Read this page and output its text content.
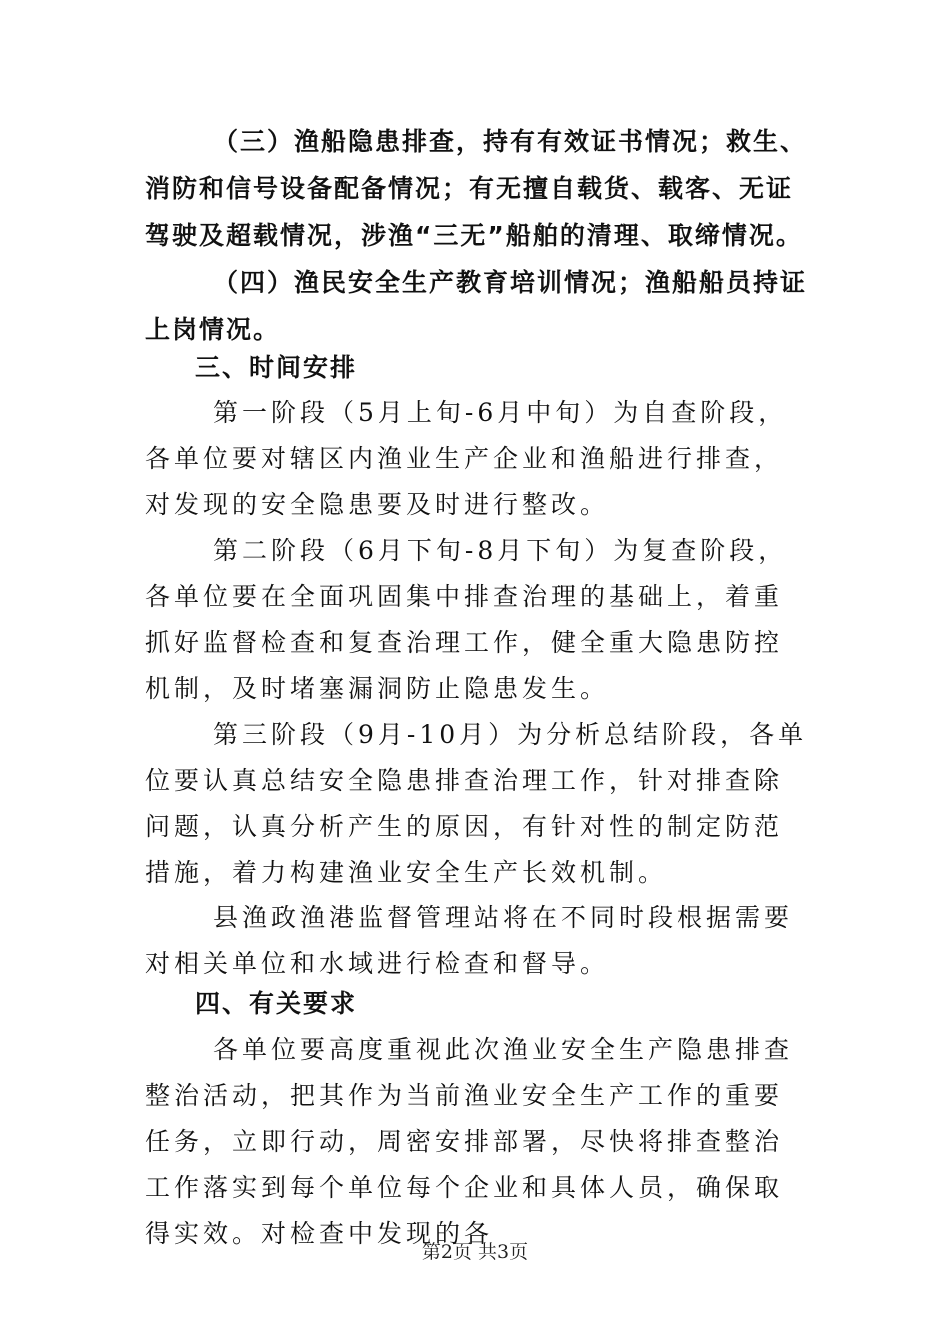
（三）渔船隐患排查，持有有效证书情况；救生、消防和信号设备配备情况；有无擅自载货、载客、无证驾驶及超载情况，涉渔“三无”船舶的清理、取缔情况。

（四）渔民安全生产教育培训情况；渔船船员持证上岗情况。

三、时间安排

第一阶段（5月上旬-6月中旬）为自查阶段，各单位要对辖区内渔业生产企业和渔船进行排查，对发现的安全隐患要及时进行整改。

第二阶段（6月下旬-8月下旬）为复查阶段，各单位要在全面巩固集中排查治理的基础上，着重抓好监督检查和复查治理工作，健全重大隐患防控机制，及时堵塞漏洞防止隐患发生。

第三阶段（9月-10月）为分析总结阶段，各单位要认真总结安全隐患排查治理工作，针对排查除问题，认真分析产生的原因，有针对性的制定防范措施，着力构建渔业安全生产长效机制。

县渔政渔港监督管理站将在不同时段根据需要对相关单位和水域进行检查和督导。

四、有关要求

各单位要高度重视此次渔业安全生产隐患排查整治活动，把其作为当前渔业安全生产工作的重要任务，立即行动，周密安排部署，尽快将排查整治工作落实到每个单位每个企业和具体人员，确保取得实效。对检查中发现的各

第2页 共3页
